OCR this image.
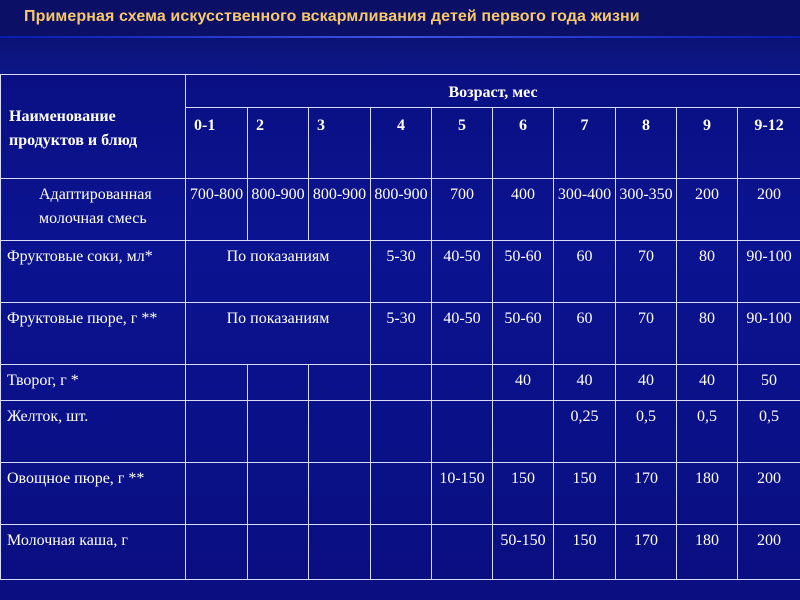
Примерная схема искусственного вскармливания детей первого года жизни
Наименование продуктов и блюд	Возраст, мес									
	0-1	2	3	4	5	6	7	8	9	9-12
Адаптированная молочная смесь	700-800	800-900	800-900	800-900	700	400	300-400	300-350	200	200
Фруктовые соки, мл*	По показаниям			5-30	40-50	50-60	60	70	80	90-100
Фруктовые пюре, г **	По показаниям			5-30	40-50	50-60	60	70	80	90-100
Творог, г *						40	40	40	40	50
Желток, шт.							0,25	0,5	0,5	0,5
Овощное пюре, г **					10-150	150	150	170	180	200
Молочная каша, г						50-150	150	170	180	200
